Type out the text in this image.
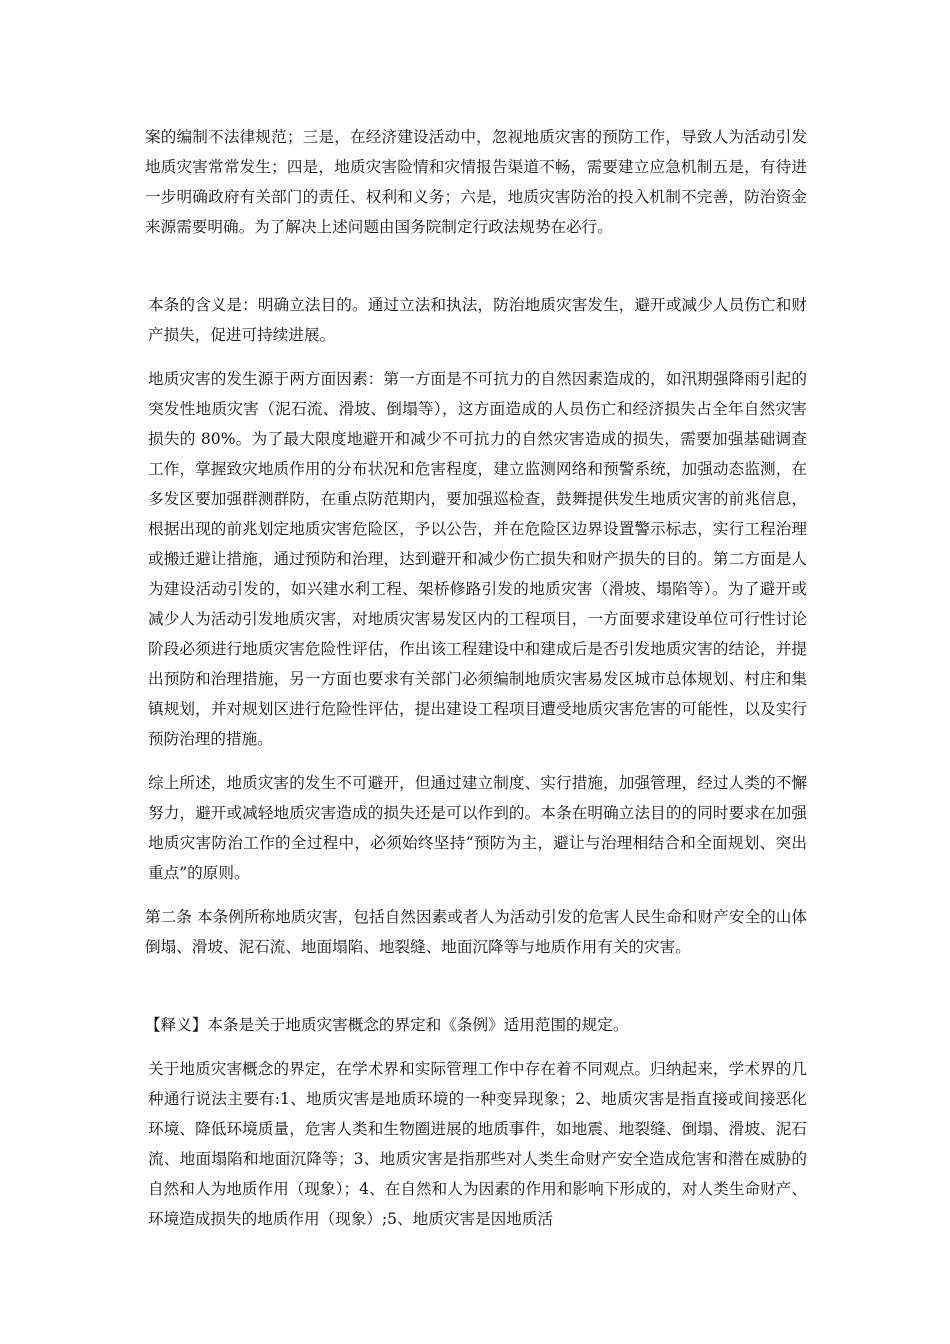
案的编制不法律规范；三是，在经济建设活动中，忽视地质灾害的预防工作，导致人为活动引发地质灾害常常发生；四是，地质灾害险情和灾情报告渠道不畅，需要建立应急机制五是，有待进一步明确政府有关部门的责任、权利和义务；六是，地质灾害防治的投入机制不完善，防治资金来源需要明确。为了解决上述问题由国务院制定行政法规势在必行。

本条的含义是：明确立法目的。通过立法和执法，防治地质灾害发生，避开或减少人员伤亡和财产损失，促进可持续进展。

地质灾害的发生源于两方面因素：第一方面是不可抗力的自然因素造成的，如汛期强降雨引起的突发性地质灾害（泥石流、滑坡、倒塌等），这方面造成的人员伤亡和经济损失占全年自然灾害损失的 80%。为了最大限度地避开和减少不可抗力的自然灾害造成的损失，需要加强基础调查工作，掌握致灾地质作用的分布状况和危害程度，建立监测网络和预警系统，加强动态监测，在多发区要加强群测群防，在重点防范期内，要加强巡检查，鼓舞提供发生地质灾害的前兆信息，根据出现的前兆划定地质灾害危险区，予以公告，并在危险区边界设置警示标志，实行工程治理或搬迁避让措施，通过预防和治理，达到避开和减少伤亡损失和财产损失的目的。第二方面是人为建设活动引发的，如兴建水利工程、架桥修路引发的地质灾害（滑坡、塌陷等）。为了避开或减少人为活动引发地质灾害，对地质灾害易发区内的工程项目，一方面要求建设单位可行性讨论阶段必须进行地质灾害危险性评估，作出该工程建设中和建成后是否引发地质灾害的结论，并提出预防和治理措施，另一方面也要求有关部门必须编制地质灾害易发区城市总体规划、村庄和集镇规划，并对规划区进行危险性评估，提出建设工程项目遭受地质灾害危害的可能性，以及实行预防治理的措施。

综上所述，地质灾害的发生不可避开，但通过建立制度、实行措施，加强管理，经过人类的不懈努力，避开或减轻地质灾害造成的损失还是可以作到的。本条在明确立法目的的同时要求在加强地质灾害防治工作的全过程中，必须始终坚持“预防为主，避让与治理相结合和全面规划、突出重点”的原则。

第二条 本条例所称地质灾害，包括自然因素或者人为活动引发的危害人民生命和财产安全的山体倒塌、滑坡、泥石流、地面塌陷、地裂缝、地面沉降等与地质作用有关的灾害。

【释义】本条是关于地质灾害概念的界定和《条例》适用范围的规定。

关于地质灾害概念的界定，在学术界和实际管理工作中存在着不同观点。归纳起来，学术界的几种通行说法主要有:1、地质灾害是地质环境的一种变异现象；2、地质灾害是指直接或间接恶化环境、降低环境质量，危害人类和生物圈进展的地质事件，如地震、地裂缝、倒塌、滑坡、泥石流、地面塌陷和地面沉降等；3、地质灾害是指那些对人类生命财产安全造成危害和潜在威胁的自然和人为地质作用（现象）；4、在自然和人为因素的作用和影响下形成的，对人类生命财产、环境造成损失的地质作用（现象）;5、地质灾害是因地质活
